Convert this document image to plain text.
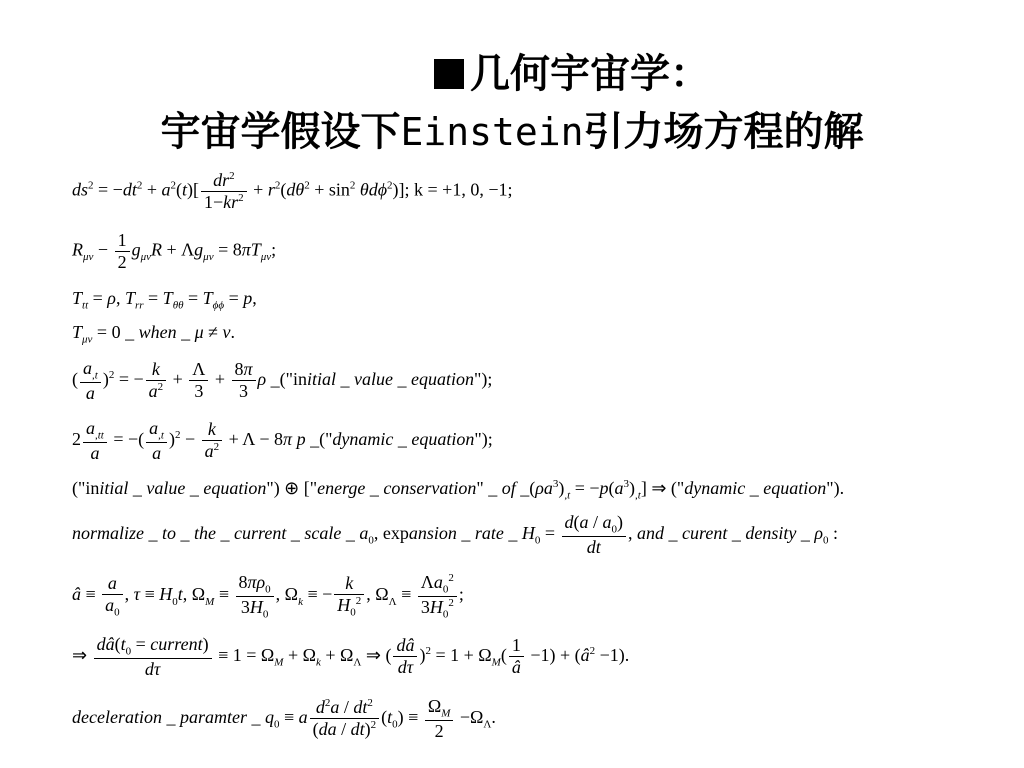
几何宇宙学：
宇宙学假设下Einstein引力场方程的解
$ds^2 = -dt^2 + a^2(t)[ \frac{dr^2}{1-kr^2} + r^2(d\theta^2 + \sin^2 \theta d\phi^2)]$; k = +1, 0, −1;
$R_{\mu\nu} - \frac{1}{2} g_{\mu\nu}R + \Lambda g_{\mu\nu} = 8\pi T_{\mu\nu}$;
$T_{tt} = \rho$, $T_{rr} = T_{\theta\theta} = T_{\phi\phi} = p$,
$T_{\mu\nu} = 0$ _ when _ μ ≠ ν.
( $\frac{a_{,t}}{a} )^2$ = − $\frac{k}{a^2} + \frac{\Lambda}{3} + \frac{8\pi}{3}$ ρ _("initial _ value _ equation");
$2 \frac{a_{,tt}}{a}$ = −( $\frac{a_{,t}}{a} )^2 - \frac{k}{a^2} + \Lambda - 8\pi$ p _("dynamic _ equation");
("initial _ value _ equation") ⊕ ["energe _ conservation" _ of $\_(\rho a^3)_{,t} = -p(a^3)_{,t}$] ⇒ ("dynamic _ equation").
normalize _ to _ the _ current _ scale _ $a_0$, expansion _ rate _ $H_0 = \frac{d(a / a_0)}{dt}$ , and _ curent _ density _ $\rho_0$ :
â ≡ $\frac{a}{a_0}$ , $\tau \equiv H_0t$, $\Omega_M \equiv \frac{8\pi\rho_0}{3H_0}$ , $\Omega_k$ ≡ − $\frac{k}{H_0^2}$ , $\Omega_\Lambda \equiv \frac{\Lambda a_0^2}{3H_0^2}$ ;
⇒ $\frac{dâ(t_0 = current)}{d\tau} \equiv 1 = \Omega_M + \Omega_k + \Omega_\Lambda$ ⇒ ( $\frac{dâ}{d\tau} )^2 = 1 + \Omega_M( \frac{1}{â} -1)$ + $(â^2 -1)$.
deceleration _ paramter _ $q_0 \equiv a \frac{d^2a / dt^2}{(da / dt)^2} (t_0) \equiv \frac{\Omega_M}{2} -\Omega_\Lambda$.
